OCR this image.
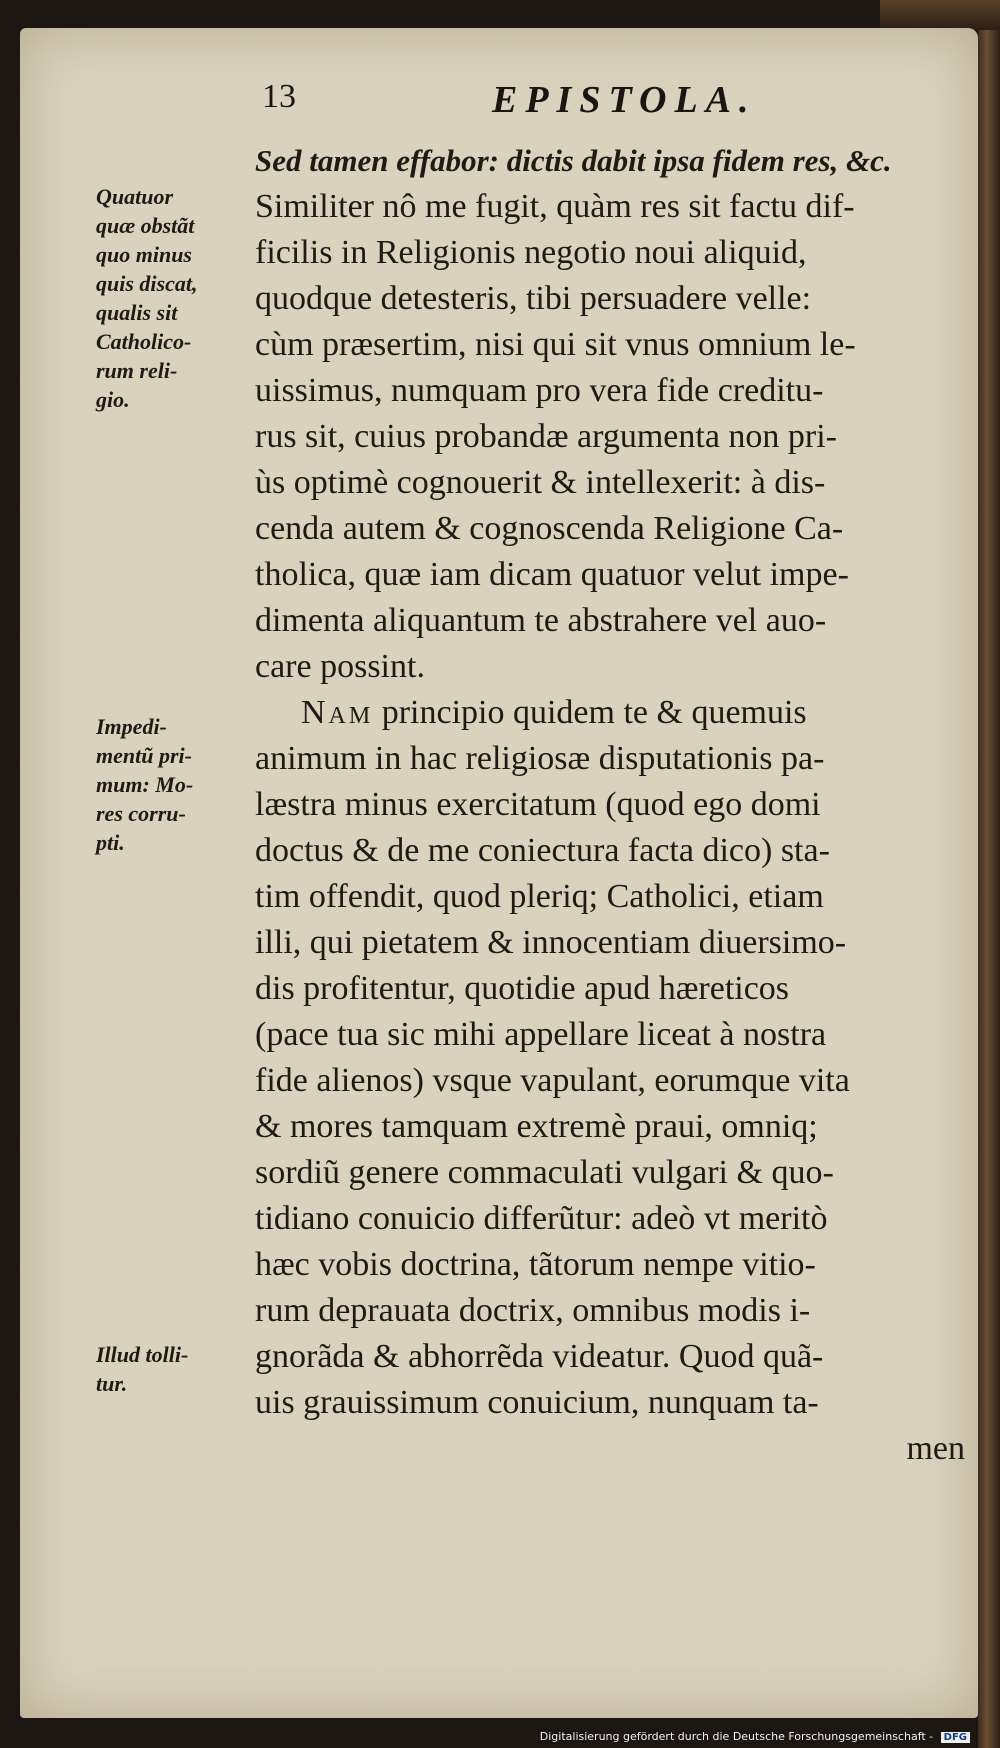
13	EPISTOLA.
Sed tamen effabor: dictis dabit ipsa fidem res, &c.
Similiter nô me fugit, quàm res sit factu dif-
ficilis in Religionis negotio noui aliquid,
quodque detesteris, tibi persuadere velle:
cùm præsertim, nisi qui sit vnus omnium le-
uissimus, numquam pro vera fide creditu-
rus sit, cuius probandæ argumenta non pri-
ùs optimè cognouerit & intellexerit: à dis-
cenda autem & cognoscenda Religione Ca-
tholica, quæ iam dicam quatuor velut impe-
dimenta aliquantum te abstrahere vel auo-
care possint.
Nam principio quidem te & quemuis
animum in hac religiosæ disputationis pa-
læstra minus exercitatum (quod ego domi
doctus & de me coniectura facta dico) sta-
tim offendit, quod pleriq; Catholici, etiam
illi, qui pietatem & innocentiam diuersimo-
dis profitentur, quotidie apud hæreticos
(pace tua sic mihi appellare liceat à nostra
fide alienos) vsque vapulant, eorumque vita
& mores tamquam extremè praui, omniq;
sordiũ genere commaculati vulgari & quo-
tidiano conuicio differũtur: adeò vt meritò
hæc vobis doctrina, tãtorum nempe vitio-
rum deprauata doctrix, omnibus modis i-
gnorãda & abhorrẽda videatur. Quod quã-
uis grauissimum conuicium, nunquam ta-
men
Quatuor
quæ obstãt
quo minus
quis discat,
qualis sit
Catholico-
rum reli-
gio.
Impedi-
mentũ pri-
mum: Mo-
res corru-
pti.
Illud tolli-
tur.
Digitalisierung gefördert durch die Deutsche Forschungsgemeinschaft - DFG
